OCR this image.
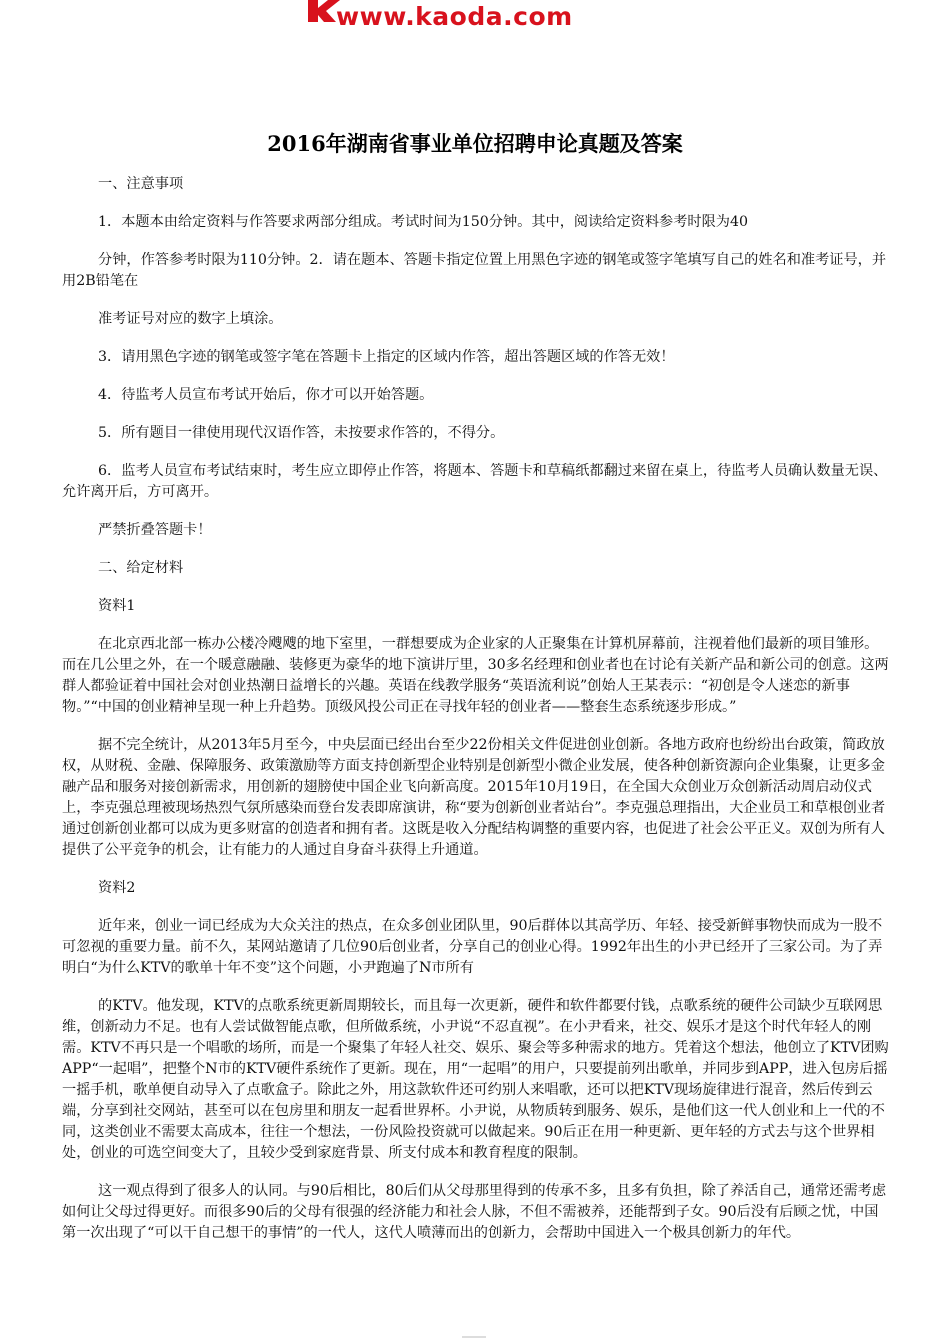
www.kaoda.com
2016年湖南省事业单位招聘申论真题及答案

一、注意事项

1．本题本由给定资料与作答要求两部分组成。考试时间为150分钟。其中，阅读给定资料参考时限为40

分钟，作答参考时限为110分钟。2．请在题本、答题卡指定位置上用黑色字迹的钢笔或签字笔填写自己的姓名和准考证号，并用2B铅笔在

准考证号对应的数字上填涂。

3．请用黑色字迹的钢笔或签字笔在答题卡上指定的区域内作答，超出答题区域的作答无效！

4．待监考人员宣布考试开始后，你才可以开始答题。

5．所有题目一律使用现代汉语作答，未按要求作答的，不得分。

6．监考人员宣布考试结束时，考生应立即停止作答，将题本、答题卡和草稿纸都翻过来留在桌上，待监考人员确认数量无误、允许离开后，方可离开。

严禁折叠答题卡！

二、给定材料

资料1

在北京西北部一栋办公楼冷飕飕的地下室里，一群想要成为企业家的人正聚集在计算机屏幕前，注视着他们最新的项目雏形。而在几公里之外，在一个暖意融融、装修更为豪华的地下演讲厅里，30多名经理和创业者也在讨论有关新产品和新公司的创意。这两群人都验证着中国社会对创业热潮日益增长的兴趣。英语在线教学服务“英语流利说”创始人王某表示：“初创是令人迷恋的新事物。”“中国的创业精神呈现一种上升趋势。顶级风投公司正在寻找年轻的创业者——整套生态系统逐步形成。”

据不完全统计，从2013年5月至今，中央层面已经出台至少22份相关文件促进创业创新。各地方政府也纷纷出台政策，简政放权，从财税、金融、保障服务、政策激励等方面支持创新型企业特别是创新型小微企业发展，使各种创新资源向企业集聚，让更多金融产品和服务对接创新需求，用创新的翅膀使中国企业飞向新高度。2015年10月19日，在全国大众创业万众创新活动周启动仪式上，李克强总理被现场热烈气氛所感染而登台发表即席演讲，称“要为创新创业者站台”。李克强总理指出，大企业员工和草根创业者通过创新创业都可以成为更多财富的创造者和拥有者。这既是收入分配结构调整的重要内容，也促进了社会公平正义。双创为所有人提供了公平竞争的机会，让有能力的人通过自身奋斗获得上升通道。

资料2

近年来，创业一词已经成为大众关注的热点，在众多创业团队里，90后群体以其高学历、年轻、接受新鲜事物快而成为一股不可忽视的重要力量。前不久，某网站邀请了几位90后创业者，分享自己的创业心得。1992年出生的小尹已经开了三家公司。为了弄明白“为什么KTV的歌单十年不变”这个问题，小尹跑遍了N市所有

的KTV。他发现，KTV的点歌系统更新周期较长，而且每一次更新，硬件和软件都要付钱，点歌系统的硬件公司缺少互联网思维，创新动力不足。也有人尝试做智能点歌，但所做系统，小尹说“不忍直视”。在小尹看来，社交、娱乐才是这个时代年轻人的刚需。KTV不再只是一个唱歌的场所，而是一个聚集了年轻人社交、娱乐、聚会等多种需求的地方。凭着这个想法，他创立了KTV团购APP“一起唱”，把整个N市的KTV硬件系统作了更新。现在，用“一起唱”的用户，只要提前列出歌单，并同步到APP，进入包房后摇一摇手机，歌单便自动导入了点歌盒子。除此之外，用这款软件还可约别人来唱歌，还可以把KTV现场旋律进行混音，然后传到云端，分享到社交网站，甚至可以在包房里和朋友一起看世界杯。小尹说，从物质转到服务、娱乐，是他们这一代人创业和上一代的不同，这类创业不需要太高成本，往往一个想法，一份风险投资就可以做起来。90后正在用一种更新、更年轻的方式去与这个世界相处，创业的可选空间变大了，且较少受到家庭背景、所支付成本和教育程度的限制。

这一观点得到了很多人的认同。与90后相比，80后们从父母那里得到的传承不多，且多有负担，除了养活自己，通常还需考虑如何让父母过得更好。而很多90后的父母有很强的经济能力和社会人脉，不但不需被养，还能帮到子女。90后没有后顾之忧，中国第一次出现了“可以干自己想干的事情”的一代人，这代人喷薄而出的创新力，会帮助中国进入一个极具创新力的年代。
